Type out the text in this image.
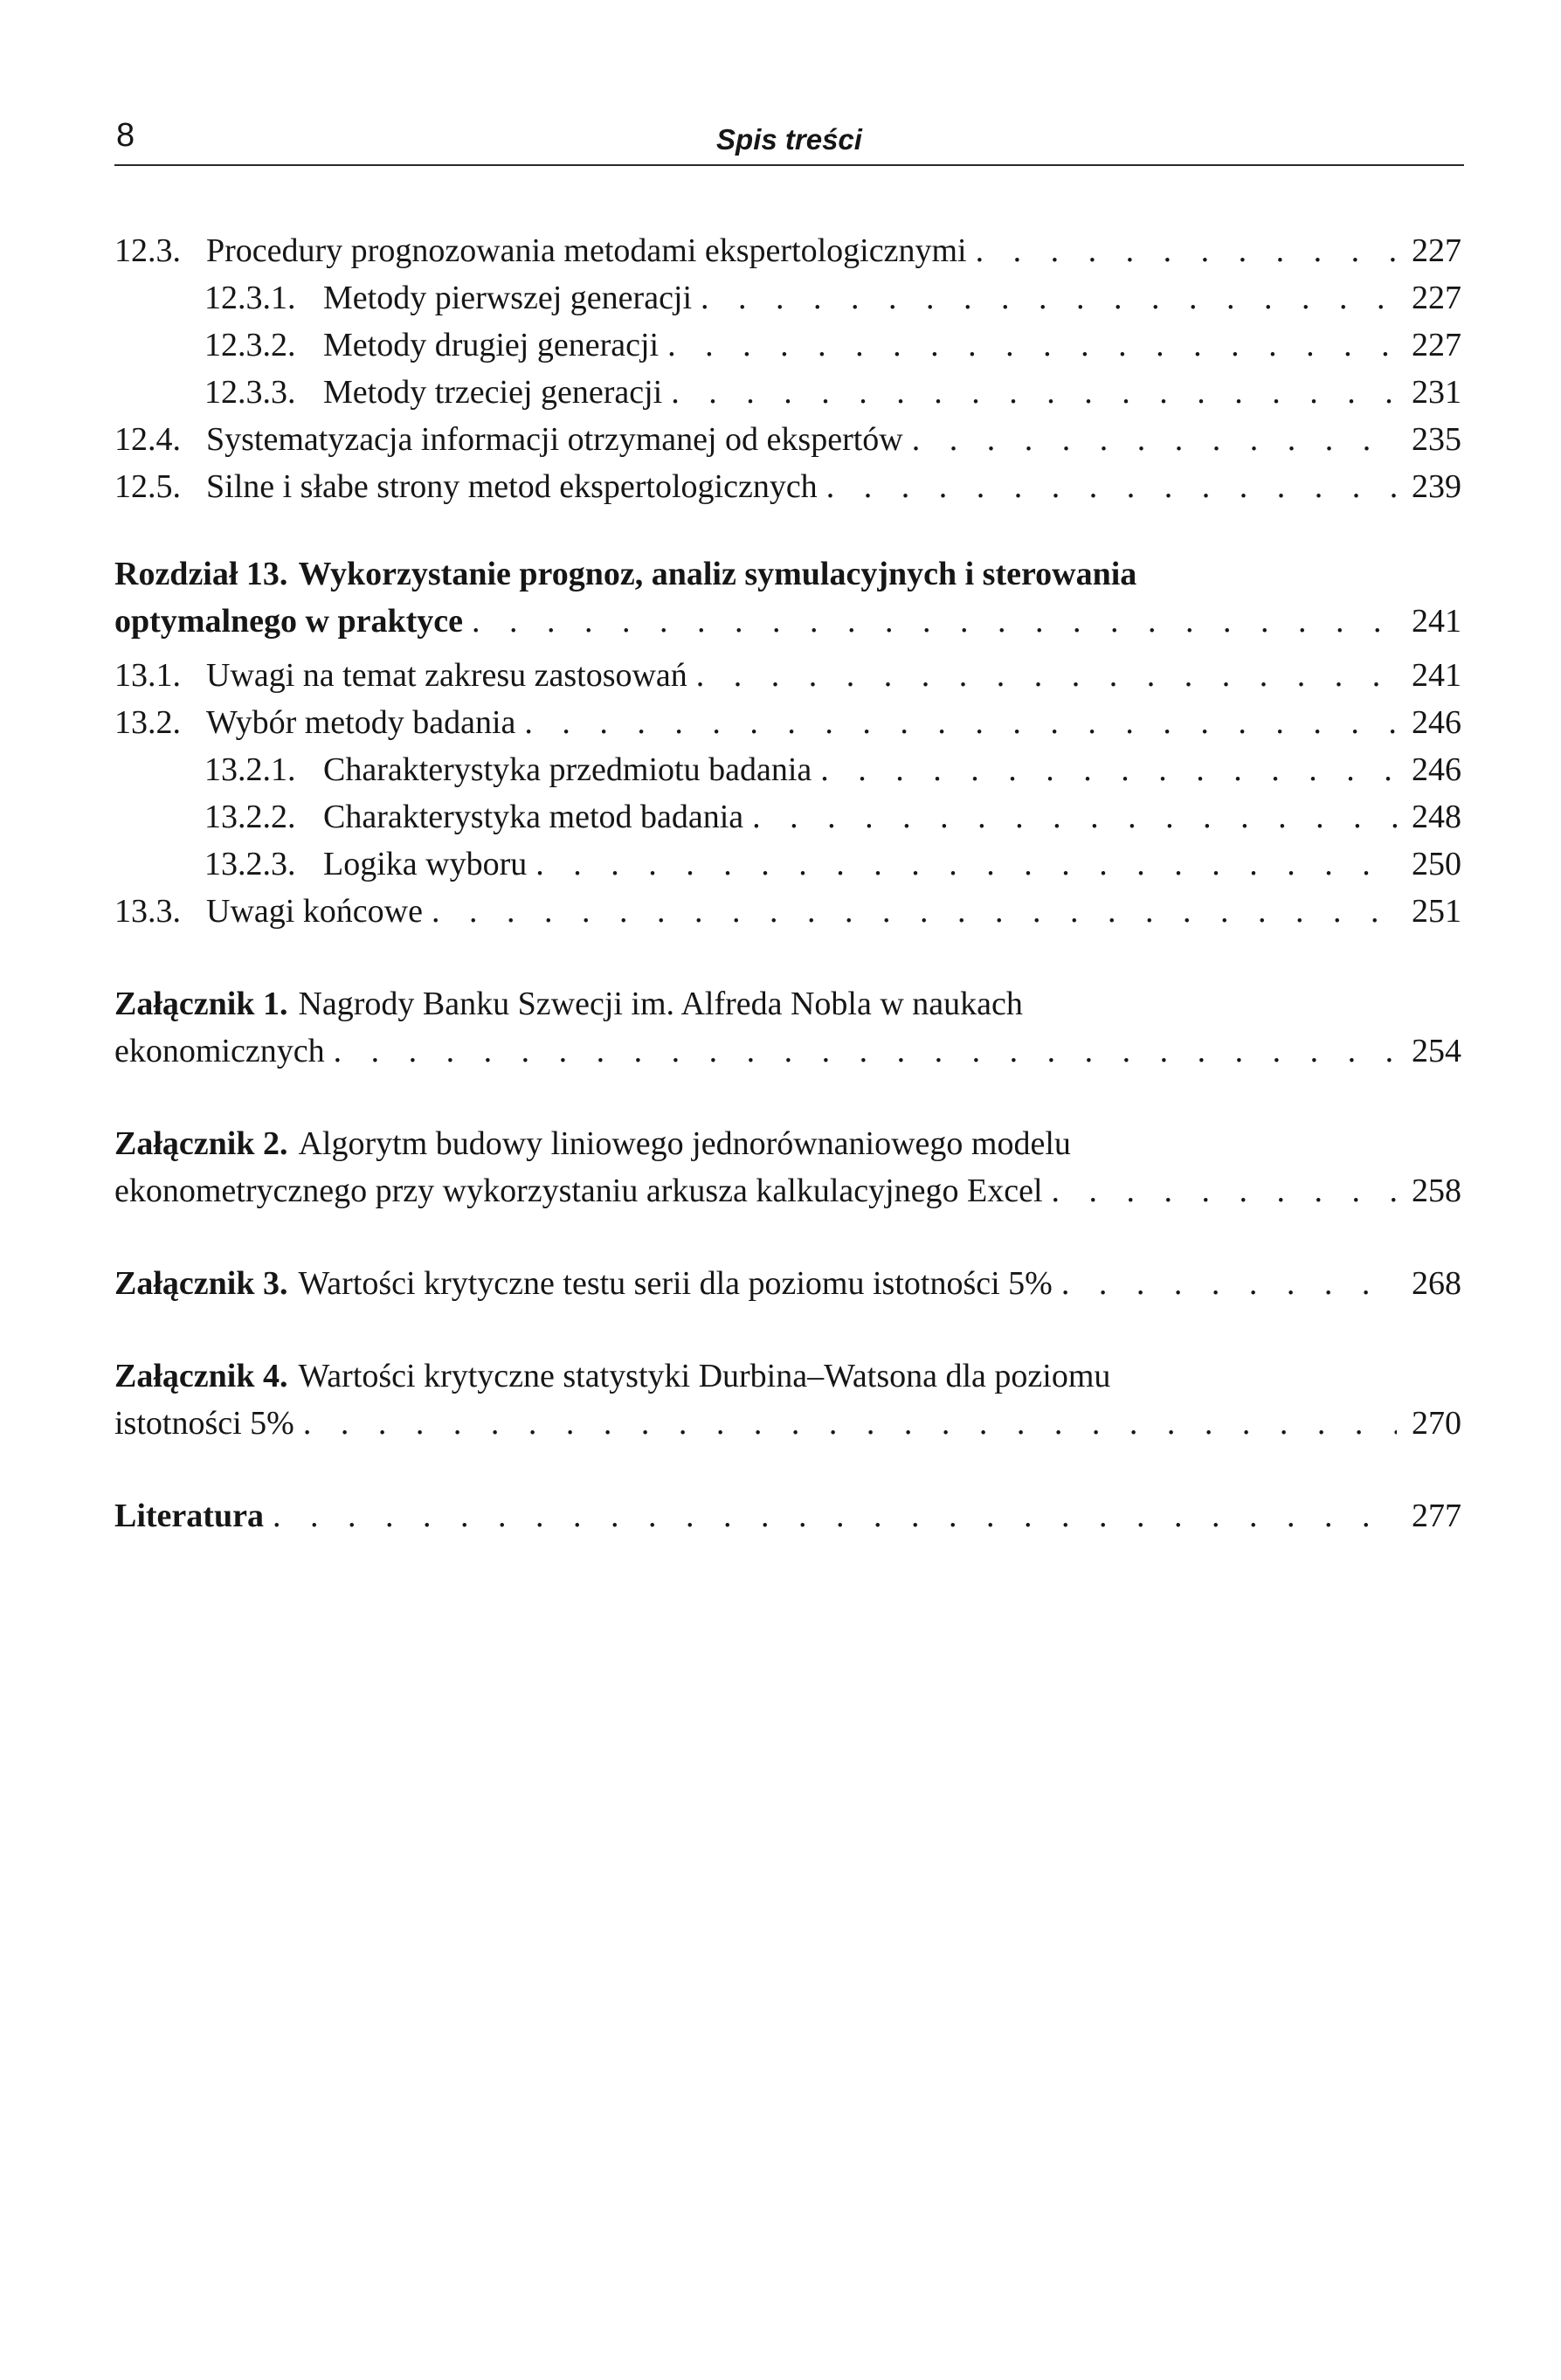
8	Spis treści
12.3. Procedury prognozowania metodami ekspertologicznymi . . .	227
12.3.1. Metody pierwszej generacji . . .	227
12.3.2. Metody drugiej generacji . . .	227
12.3.3. Metody trzeciej generacji . . .	231
12.4. Systematyzacja informacji otrzymanej od ekspertów . . .	235
12.5. Silne i słabe strony metod ekspertologicznych . . .	239
Rozdział 13. Wykorzystanie prognoz, analiz symulacyjnych i sterowania
optymalnego w praktyce . . .	241
13.1. Uwagi na temat zakresu zastosowań . . .	241
13.2. Wybór metody badania . . .	246
13.2.1. Charakterystyka przedmiotu badania . . .	246
13.2.2. Charakterystyka metod badania . . .	248
13.2.3. Logika wyboru . . .	250
13.3. Uwagi końcowe . . .	251
Załącznik 1. Nagrody Banku Szwecji im. Alfreda Nobla w naukach
ekonomicznych . . .	254
Załącznik 2. Algorytm budowy liniowego jednorównaniowego modelu
ekonometrycznego przy wykorzystaniu arkusza kalkulacyjnego Excel . . .	258
Załącznik 3. Wartości krytyczne testu serii dla poziomu istotności 5% . . .	268
Załącznik 4. Wartości krytyczne statystyki Durbina–Watsona dla poziomu
istotności 5% . . .	270
Literatura . . .	277
